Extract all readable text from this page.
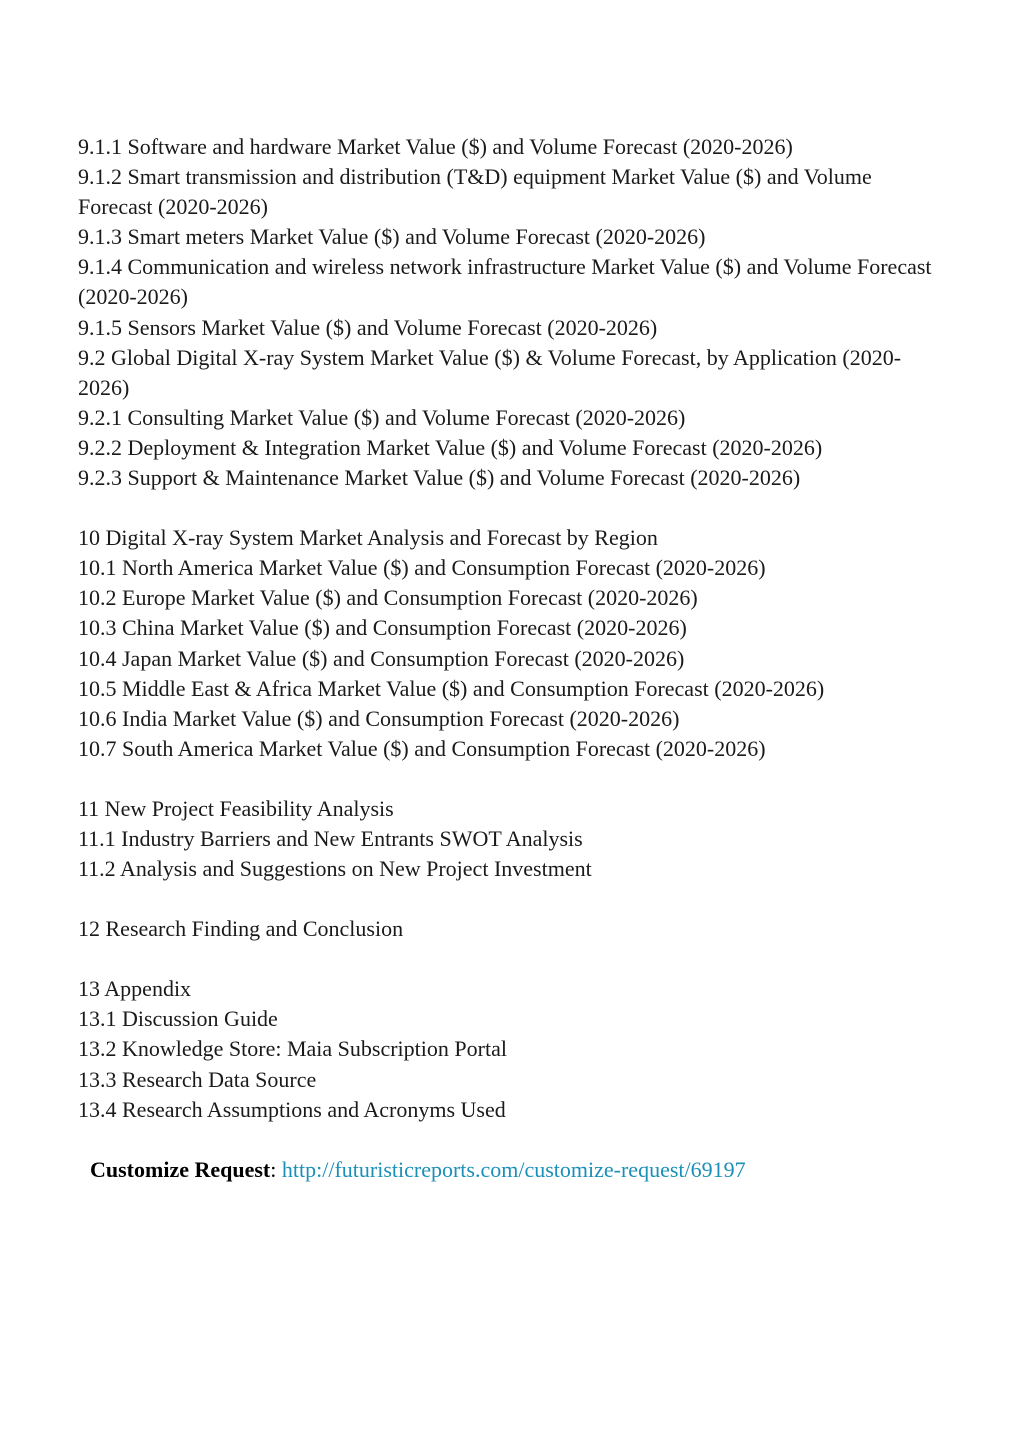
9.1.1 Software and hardware Market Value ($) and Volume Forecast (2020-2026)
9.1.2 Smart transmission and distribution (T&D) equipment Market Value ($) and Volume Forecast (2020-2026)
9.1.3 Smart meters Market Value ($) and Volume Forecast (2020-2026)
9.1.4 Communication and wireless network infrastructure Market Value ($) and Volume Forecast (2020-2026)
9.1.5 Sensors Market Value ($) and Volume Forecast (2020-2026)
9.2 Global Digital X-ray System Market Value ($) & Volume Forecast, by Application (2020-2026)
9.2.1 Consulting Market Value ($) and Volume Forecast (2020-2026)
9.2.2 Deployment & Integration Market Value ($) and Volume Forecast (2020-2026)
9.2.3 Support & Maintenance Market Value ($) and Volume Forecast (2020-2026)
10 Digital X-ray System Market Analysis and Forecast by Region
10.1 North America Market Value ($) and Consumption Forecast (2020-2026)
10.2 Europe Market Value ($) and Consumption Forecast (2020-2026)
10.3 China Market Value ($) and Consumption Forecast (2020-2026)
10.4 Japan Market Value ($) and Consumption Forecast (2020-2026)
10.5 Middle East & Africa Market Value ($) and Consumption Forecast (2020-2026)
10.6 India Market Value ($) and Consumption Forecast (2020-2026)
10.7 South America Market Value ($) and Consumption Forecast (2020-2026)
11 New Project Feasibility Analysis
11.1 Industry Barriers and New Entrants SWOT Analysis
11.2 Analysis and Suggestions on New Project Investment
12 Research Finding and Conclusion
13 Appendix
13.1 Discussion Guide
13.2 Knowledge Store: Maia Subscription Portal
13.3 Research Data Source
13.4 Research Assumptions and Acronyms Used
Customize Request: http://futuristicreports.com/customize-request/69197
